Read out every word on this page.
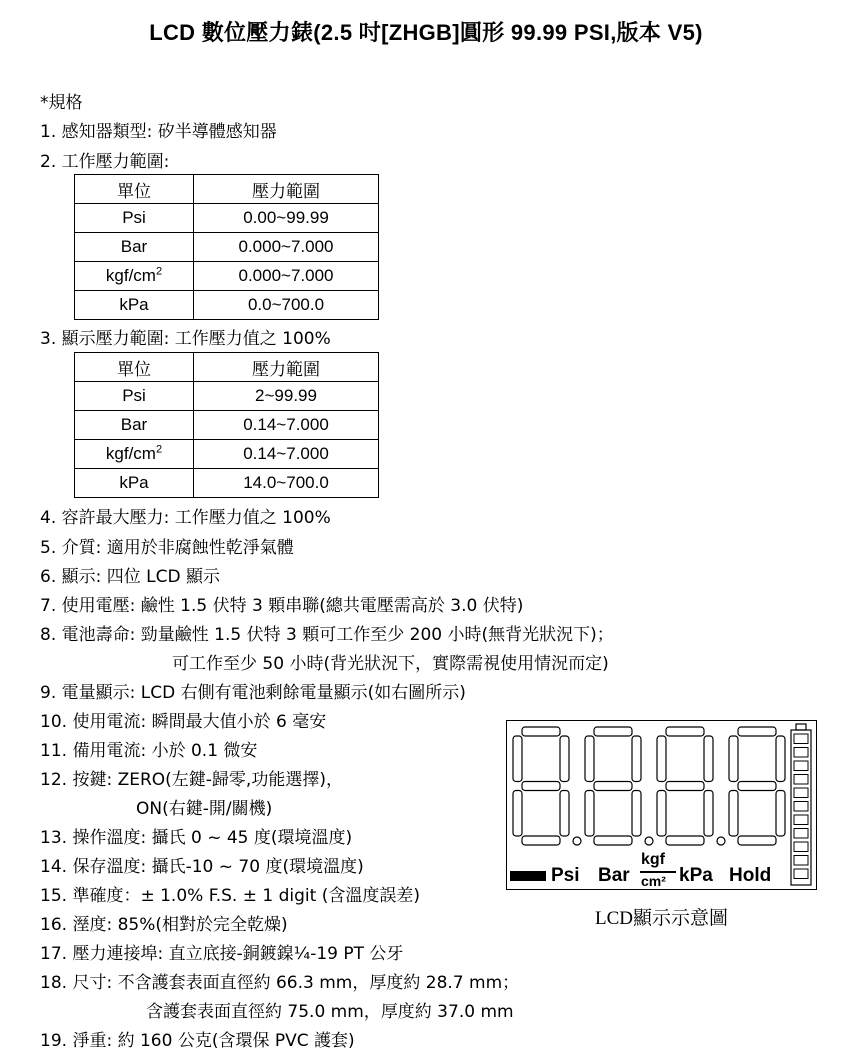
LCD 數位壓力錶(2.5 吋[ZHGB]圓形 99.99 PSI,版本 V5)
*規格
1. 感知器類型: 矽半導體感知器
2. 工作壓力範圍:
單位	壓力範圍
Psi	0.00~99.99
Bar	0.000~7.000
kgf/$cm^2$	0.000~7.000
kPa	0.0~700.0
3. 顯示壓力範圍: 工作壓力值之 100%
單位	壓力範圍
Psi	2~99.99
Bar	0.14~7.000
kgf/$cm^2$	0.14~7.000
kPa	14.0~700.0
4. 容許最大壓力: 工作壓力值之 100%
5. 介質: 適用於非腐蝕性乾淨氣體
6. 顯示: 四位 LCD 顯示
7. 使用電壓: 鹼性 1.5 伏特 3 顆串聯(總共電壓需高於 3.0 伏特)
8. 電池壽命: 勁量鹼性 1.5 伏特 3 顆可工作至少 200 小時(無背光狀況下)；
可工作至少 50 小時(背光狀況下，實際需視使用情況而定)
9. 電量顯示: LCD 右側有電池剩餘電量顯示(如右圖所示)
10. 使用電流: 瞬間最大值小於 6 毫安
11. 備用電流: 小於 0.1 微安
12. 按鍵: ZERO(左鍵-歸零,功能選擇)，
ON(右鍵-開/關機)
13. 操作溫度: 攝氏 0 ~ 45 度(環境溫度)
14. 保存溫度: 攝氏-10 ~ 70 度(環境溫度)
15. 準確度：± 1.0% F.S. ± 1 digit (含溫度誤差)
16. 溼度: 85%(相對於完全乾燥)
17. 壓力連接埠: 直立底接-銅鍍鎳¼-19 PT 公牙
18. 尺寸: 不含護套表面直徑約 66.3 mm，厚度約 28.7 mm；
含護套表面直徑約 75.0 mm，厚度約 37.0 mm
19. 淨重: 約 160 公克(含環保 PVC 護套)
Psi Bar
kgf
cm² kPa Hold
LCD顯示示意圖
